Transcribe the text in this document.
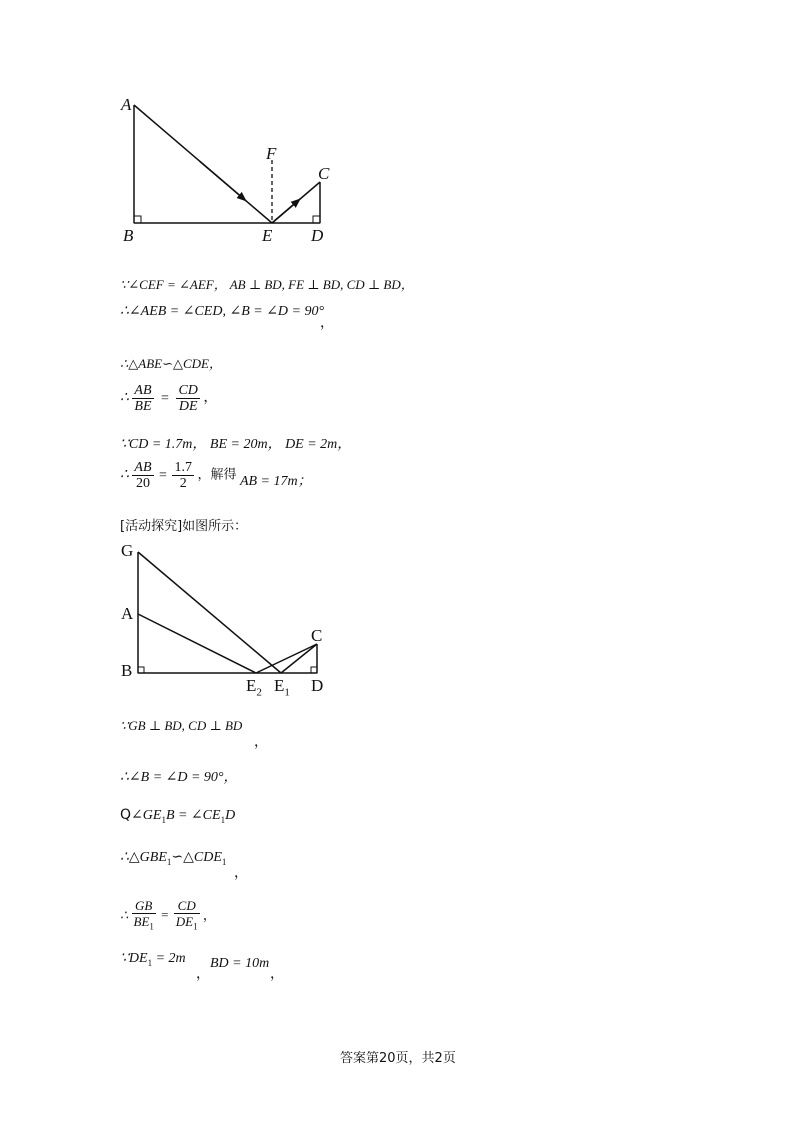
A
B	E D
F
C
∵∠CEF = ∠AEF， AB ⊥ BD, FE ⊥ BD, CD ⊥ BD，
∴∠AEB = ∠CED, ∠B = ∠D = 90°
，
∴△ABE∽△CDE，
∴ $\frac{AB}{BE} = \frac{CD}{DE}$ ，
∵CD = 1.7m， BE = 20m， DE = 2m，
∴ $\frac{AB}{20} = \frac{1.7}{2}$ ，解得 AB = 17m；
[活动探究]如图所示：
G
A
B
C
$E_2$ $E_1$ D
∵GB ⊥ BD, CD ⊥ BD
，
∴∠B = ∠D = 90°，
$Q\angle GE_1B$ = $\angle CE_1D$
$\therefore\triangle GBE_1∽\triangle CDE_1$
，
∴ $\frac{GB}{BE_1} = \frac{CD}{DE_1}$ ，
$\because DE_1 = 2m$
，
BD = 10m
，
答案第20页，共2页
